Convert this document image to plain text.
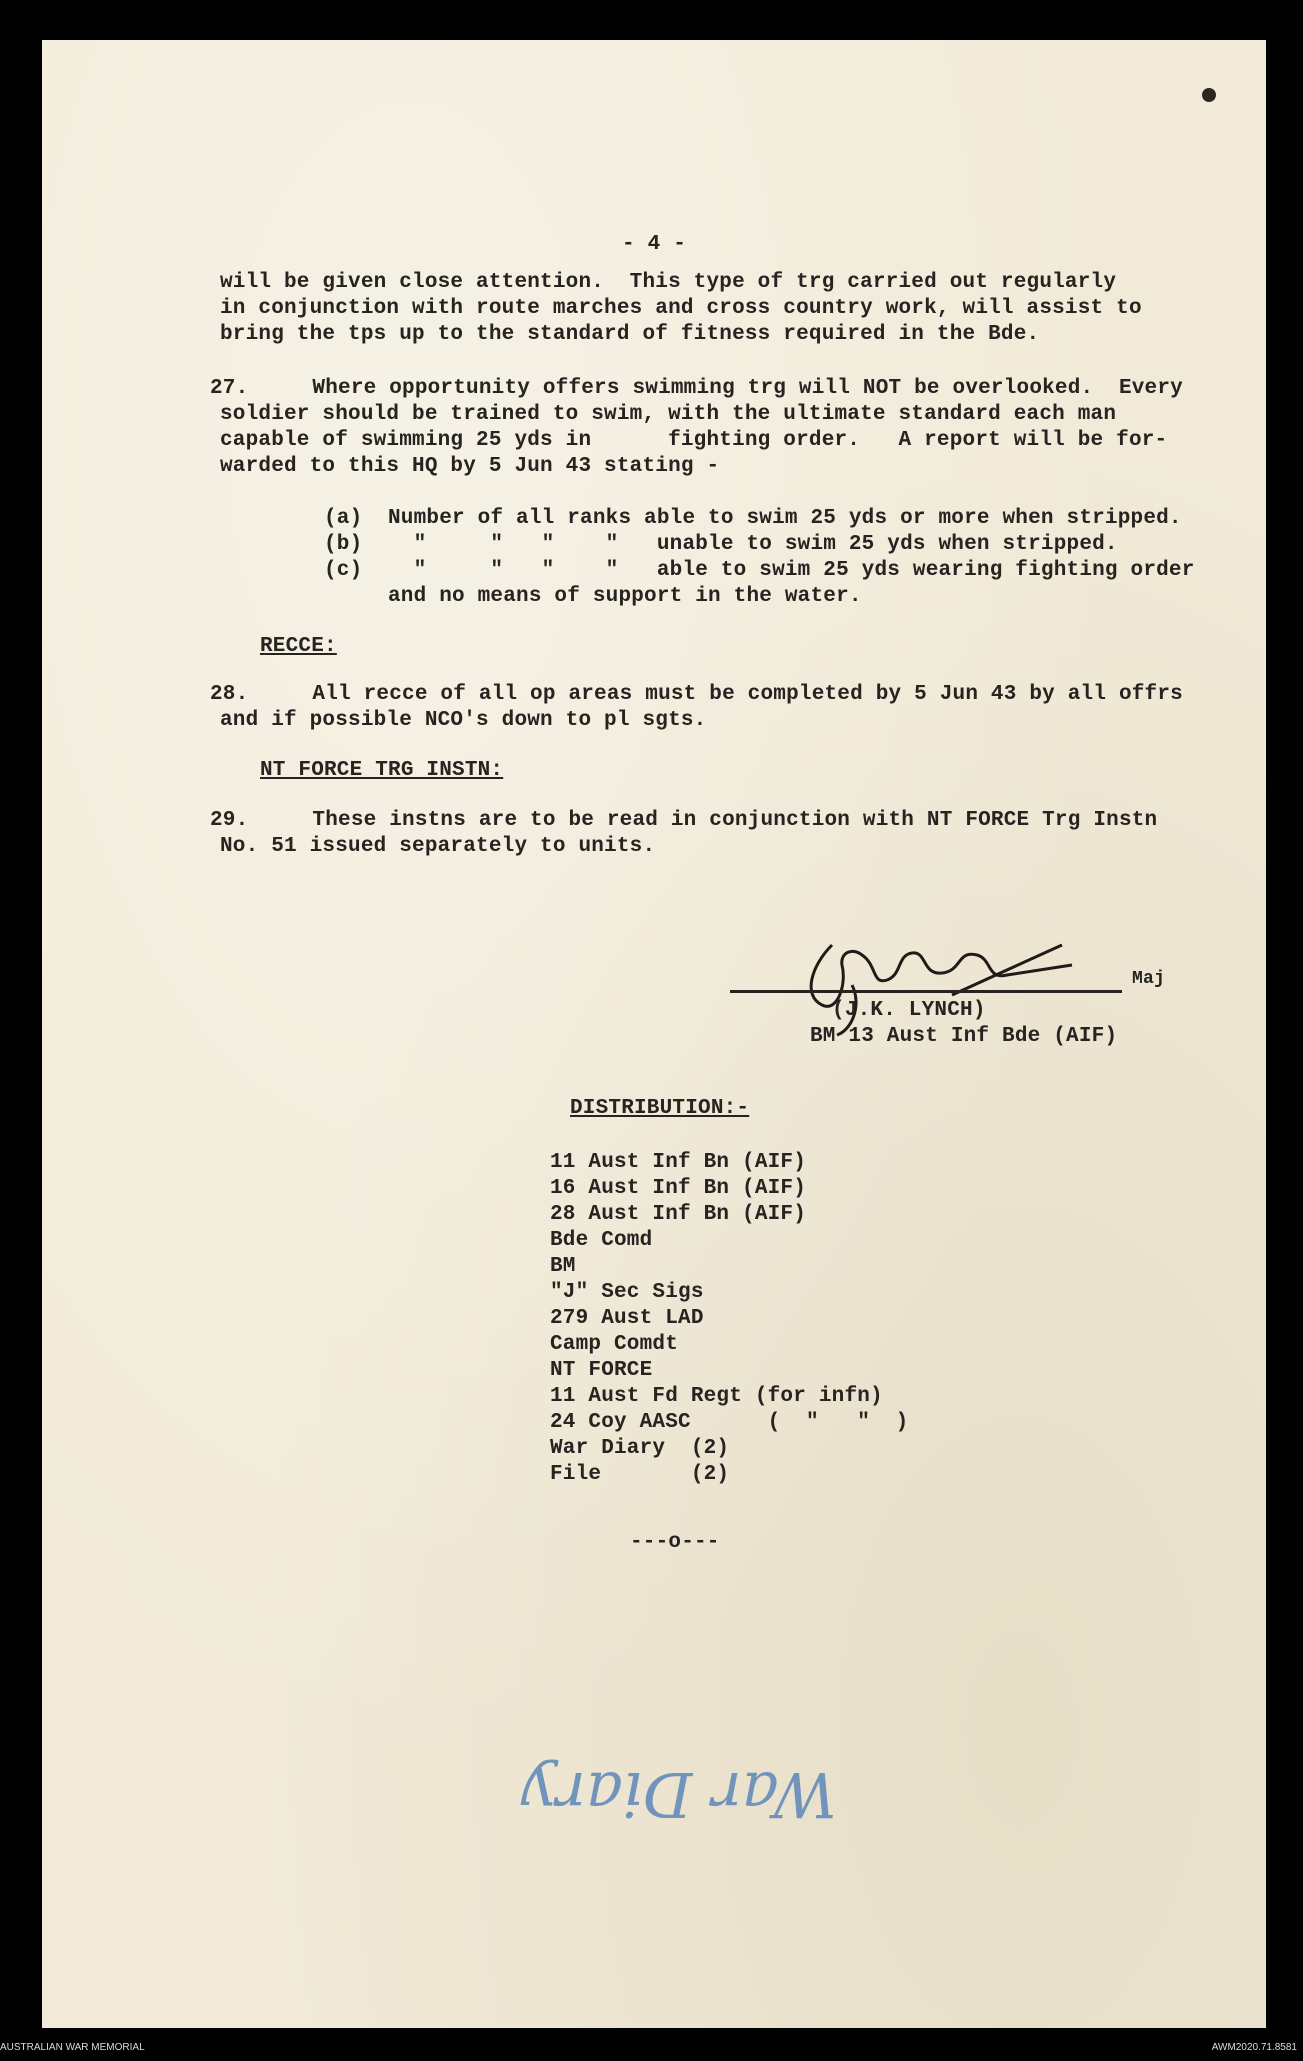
- 4 -
will be given close attention.  This type of trg carried out regularly
in conjunction with route marches and cross country work, will assist to
bring the tps up to the standard of fitness required in the Bde.
27.     Where opportunity offers swimming trg will NOT be overlooked.  Every
soldier should be trained to swim, with the ultimate standard each man
capable of swimming 25 yds in      fighting order.   A report will be for-
warded to this HQ by 5 Jun 43 stating -
(a)  Number of all ranks able to swim 25 yds or more when stripped.
(b)    "     "   "    "   unable to swim 25 yds when stripped.
(c)    "     "   "    "   able to swim 25 yds wearing fighting order
and no means of support in the water.
RECCE:
28.     All recce of all op areas must be completed by 5 Jun 43 by all offrs
and if possible NCO's down to pl sgts.
NT FORCE TRG INSTN:
29.     These instns are to be read in conjunction with NT FORCE Trg Instn
No. 51 issued separately to units.
Maj
(J.K. LYNCH)
BM 13 Aust Inf Bde (AIF)
DISTRIBUTION:-
11 Aust Inf Bn (AIF)
16 Aust Inf Bn (AIF)
28 Aust Inf Bn (AIF)
Bde Comd
BM
"J" Sec Sigs
279 Aust LAD
Camp Comdt
NT FORCE
11 Aust Fd Regt (for infn)
24 Coy AASC      (  "   "  )
War Diary  (2)
File       (2)
---o---
War Diary
AUSTRALIAN WAR MEMORIAL	AWM2020.71.8581
